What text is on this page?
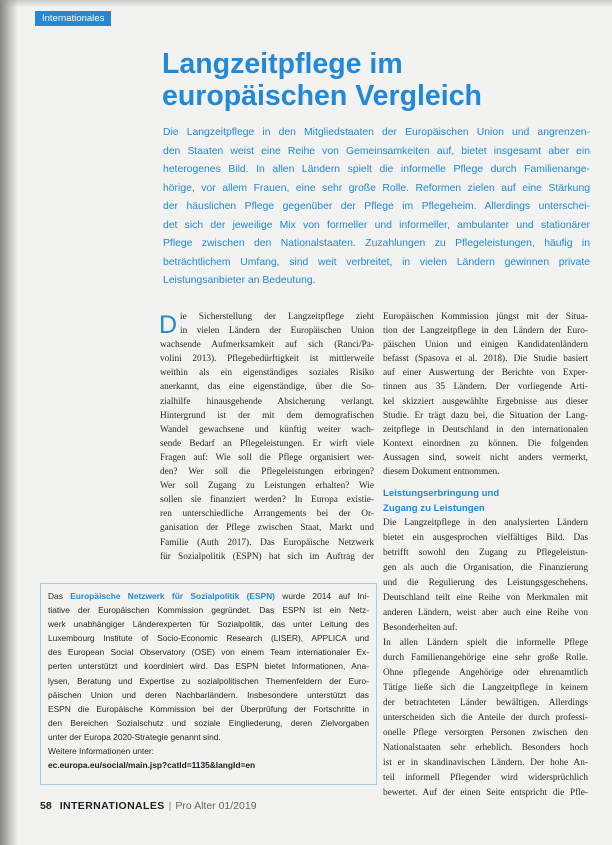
Internationales
Langzeitpflege im
europäischen Vergleich
Die Langzeitpflege in den Mitgliedstaaten der Europäischen Union und angrenzen-
den Staaten weist eine Reihe von Gemeinsamkeiten auf, bietet insgesamt aber ein
heterogenes Bild. In allen Ländern spielt die informelle Pflege durch Familienange-
hörige, vor allem Frauen, eine sehr große Rolle. Reformen zielen auf eine Stärkung
der häuslichen Pflege gegenüber der Pflege im Pflegeheim. Allerdings unterschei-
det sich der jeweilige Mix von formeller und informeller, ambulanter und stationärer
Pflege zwischen den Nationalstaaten. Zuzahlungen zu Pflegeleistungen, häufig in
beträchtlichem Umfang, sind weit verbreitet, in vielen Ländern gewinnen private
Leistungsanbieter an Bedeutung.
D ie Sicherstellung der Langzeitpflege zieht
in vielen Ländern der Europäischen Union
wachsende Aufmerksamkeit auf sich (Ranci/Pa-
volini 2013). Pflegebedürftigkeit ist mittlerweile
weithin als ein eigenständiges soziales Risiko
anerkannt, das eine eigenständige, über die So-
zialhilfe hinausgehende Absicherung verlangt.
Hintergrund ist der mit dem demografischen
Wandel gewachsene und künftig weiter wach-
sende Bedarf an Pflegeleistungen. Er wirft viele
Fragen auf: Wie soll die Pflege organisiert wer-
den? Wer soll die Pflegeleistungen erbringen?
Wer soll Zugang zu Leistungen erhalten? Wie
sollen sie finanziert werden? In Europa existie-
ren unterschiedliche Arrangements bei der Or-
ganisation der Pflege zwischen Staat, Markt und
Familie (Auth 2017). Das Europäische Netzwerk
für Sozialpolitik (ESPN) hat sich im Auftrag der
Europäischen Kommission jüngst mit der Situa-
tion der Langzeitpflege in den Ländern der Euro-
päischen Union und einigen Kandidatenländern
befasst (Spasova et al. 2018). Die Studie basiert
auf einer Auswertung der Berichte von Exper-
tinnen aus 35 Ländern. Der vorliegende Arti-
kel skizziert ausgewählte Ergebnisse aus dieser
Studie. Er trägt dazu bei, die Situation der Lang-
zeitpflege in Deutschland in den internationalen
Kontext einordnen zu können. Die folgenden
Aussagen sind, soweit nicht anders vermerkt,
diesem Dokument entnommen.
Leistungserbringung und
Zugang zu Leistungen
Die Langzeitpflege in den analysierten Ländern
bietet ein ausgesprochen vielfältiges Bild. Das
betrifft sowohl den Zugang zu Pflegeleistun-
gen als auch die Organisation, die Finanzierung
und die Regulierung des Leistungsgeschehens.
Deutschland teilt eine Reihe von Merkmalen mit
anderen Ländern, weist aber auch eine Reihe von
Besonderheiten auf.
In allen Ländern spielt die informelle Pflege
durch Familienangehörige eine sehr große Rolle.
Ohne pflegende Angehörige oder ehrenamtlich
Tätige ließe sich die Langzeitpflege in keinem
der betrachteten Länder bewältigen. Allerdings
unterscheiden sich die Anteile der durch professi-
onelle Pflege versorgten Personen zwischen den
Nationalstaaten sehr erheblich. Besonders hoch
ist er in skandinavischen Ländern. Der hohe An-
teil informell Pflegender wird widersprüchlich
bewertet. Auf der einen Seite entspricht die Pfle-
Das Europäische Netzwerk für Sozialpolitik (ESPN) wurde 2014 auf Ini-
tiative der Europäischen Kommission gegründet. Das ESPN ist ein Netz-
werk unabhängiger Länderexperten für Sozialpolitik, das unter Leitung des
Luxembourg Institute of Socio-Economic Research (LISER), APPLICA und
des European Social Observatory (OSE) von einem Team internationaler Ex-
perten unterstützt und koordiniert wird. Das ESPN bietet Informationen, Ana-
lysen, Beratung und Expertise zu sozialpolitischen Themenfeldern der Euro-
päischen Union und deren Nachbarländern. Insbesondere unterstützt das
ESPN die Europäische Kommission bei der Überprüfung der Fortschritte in
den Bereichen Sozialschutz und soziale Eingliederung, deren Zielvorgaben
unter der Europa 2020-Strategie genannt sind.
Weitere Informationen unter:
ec.europa.eu/social/main.jsp?catId=1135&langId=en
58 INTERNATIONALES | Pro Alter 01/2019
